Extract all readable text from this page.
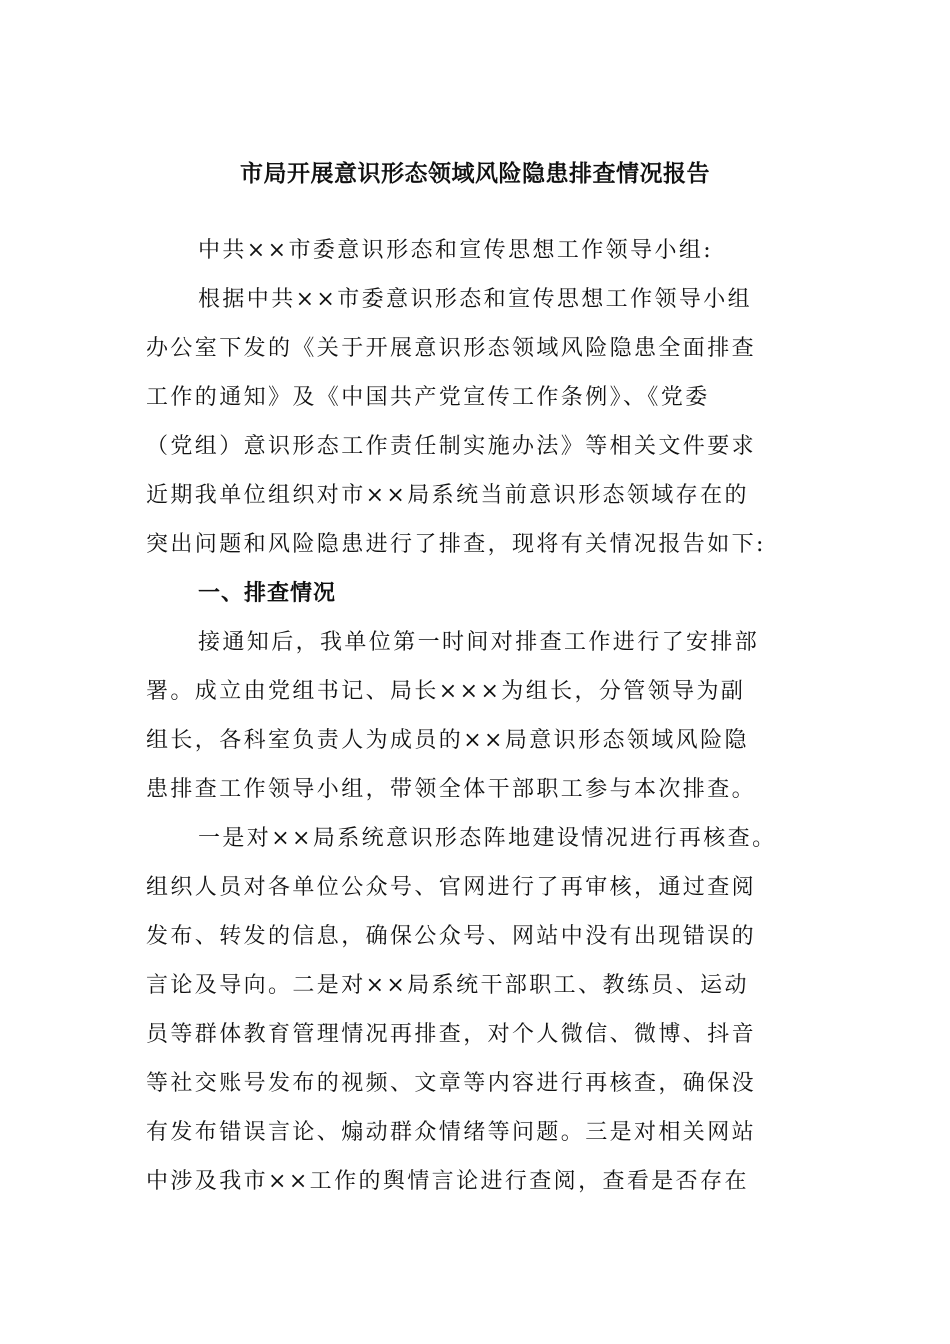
市局开展意识形态领域风险隐患排查情况报告
中共××市委意识形态和宣传思想工作领导小组:
根据中共××市委意识形态和宣传思想工作领导小组
办公室下发的《关于开展意识形态领域风险隐患全面排查
工作的通知》及《中国共产党宣传工作条例》、《党委
（党组）意识形态工作责任制实施办法》等相关文件要求
近期我单位组织对市××局系统当前意识形态领域存在的
突出问题和风险隐患进行了排查，现将有关情况报告如下:
一、排查情况
接通知后，我单位第一时间对排查工作进行了安排部
署。成立由党组书记、局长×××为组长，分管领导为副
组长，各科室负责人为成员的××局意识形态领域风险隐
患排查工作领导小组，带领全体干部职工参与本次排查。
一是对××局系统意识形态阵地建设情况进行再核查。
组织人员对各单位公众号、官网进行了再审核，通过查阅
发布、转发的信息，确保公众号、网站中没有出现错误的
言论及导向。二是对××局系统干部职工、教练员、运动
员等群体教育管理情况再排查，对个人微信、微博、抖音
等社交账号发布的视频、文章等内容进行再核查，确保没
有发布错误言论、煽动群众情绪等问题。三是对相关网站
中涉及我市××工作的舆情言论进行查阅，查看是否存在
